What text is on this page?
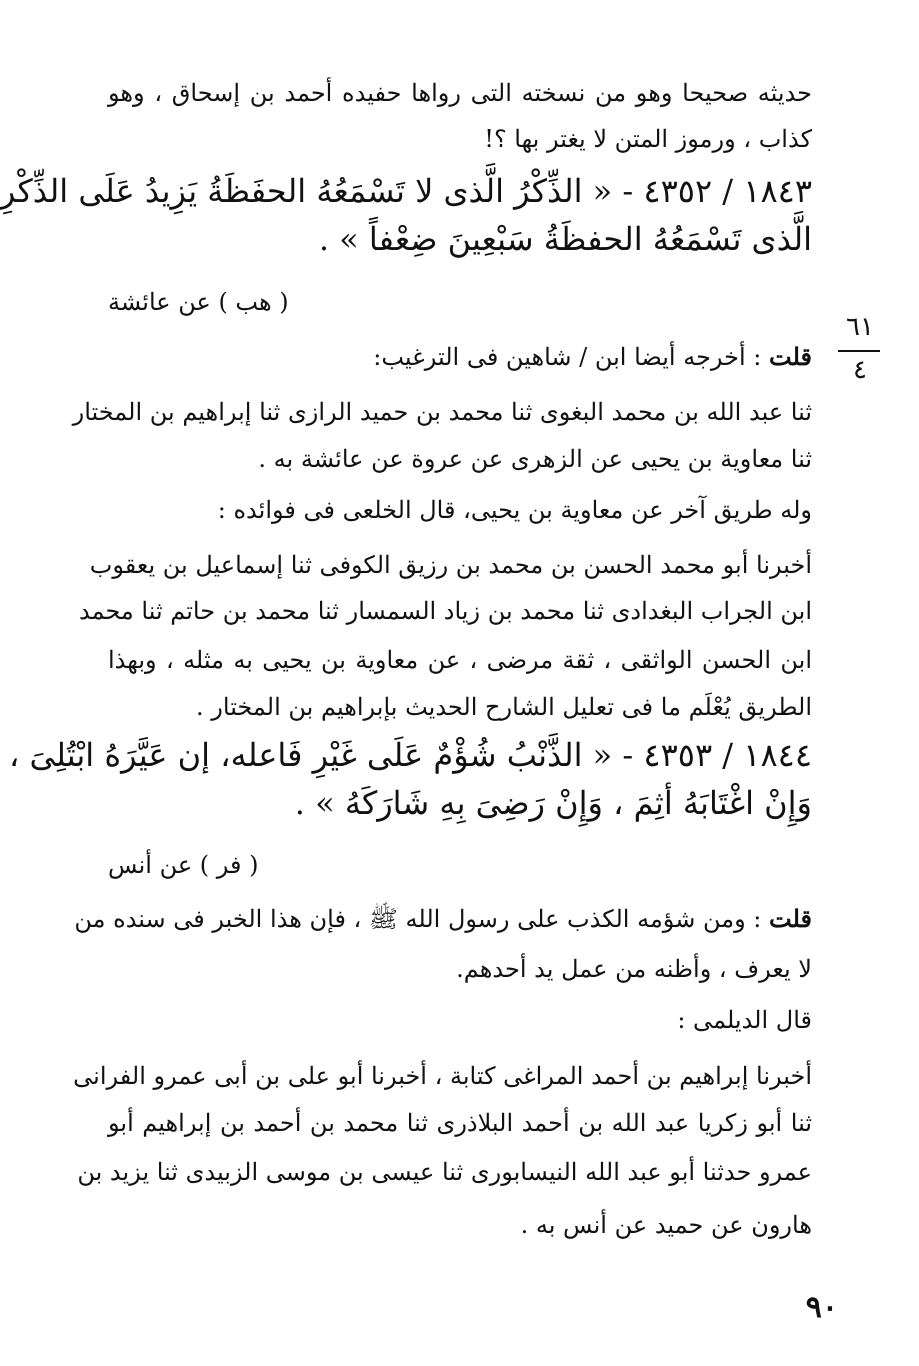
حديثه صحيحا وهو من نسخته التى رواها حفيده أحمد بن إسحاق ، وهو
كذاب ، ورموز المتن لا يغتر بها ؟!
١٨٤٣ / ٤٣٥٢ - « الذِّكْرُ الَّذى لا تَسْمَعُهُ الحفَظَةُ يَزِيدُ عَلَى الذِّكْرِ
الَّذى تَسْمَعُهُ الحفظَةُ سَبْعِينَ ضِعْفاً » .
( هب ) عن عائشة
٦١
٤
قلت : أخرجه أيضا ابن / شاهين فى الترغيب:
ثنا عبد الله بن محمد البغوى ثنا محمد بن حميد الرازى ثنا إبراهيم بن المختار
ثنا معاوية بن يحيى عن الزهرى عن عروة عن عائشة به .
وله طريق آخر عن معاوية بن يحيى، قال الخلعى فى فوائده :
أخبرنا أبو محمد الحسن بن محمد بن رزيق الكوفى ثنا إسماعيل بن يعقوب
ابن الجراب البغدادى ثنا محمد بن زياد السمسار ثنا محمد بن حاتم ثنا محمد
ابن الحسن الواثقى ، ثقة مرضى ، عن معاوية بن يحيى به مثله ، وبهذا
الطريق يُعْلَم ما فى تعليل الشارح الحديث بإبراهيم بن المختار .
١٨٤٤ / ٤٣٥٣ - « الذَّنْبُ شُؤْمٌ عَلَى غَيْرِ فَاعله، إن عَيَّرَهُ ابْتُلِىَ ،
وَإِنْ اغْتَابَهُ أثِمَ ، وَإِنْ رَضِىَ بِهِ شَارَكَهُ » .
( فر ) عن أنس
قلت : ومن شؤمه الكذب على رسول الله ﷺ ، فإن هذا الخبر فى سنده من
لا يعرف ، وأظنه من عمل يد أحدهم.
قال الديلمى :
أخبرنا إبراهيم بن أحمد المراغى كتابة ، أخبرنا أبو على بن أبى عمرو الفرانى
ثنا أبو زكريا عبد الله بن أحمد البلاذرى ثنا محمد بن أحمد بن إبراهيم أبو
عمرو حدثنا أبو عبد الله النيسابورى ثنا عيسى بن موسى الزبيدى ثنا يزيد بن
هارون عن حميد عن أنس به .
٩٠
